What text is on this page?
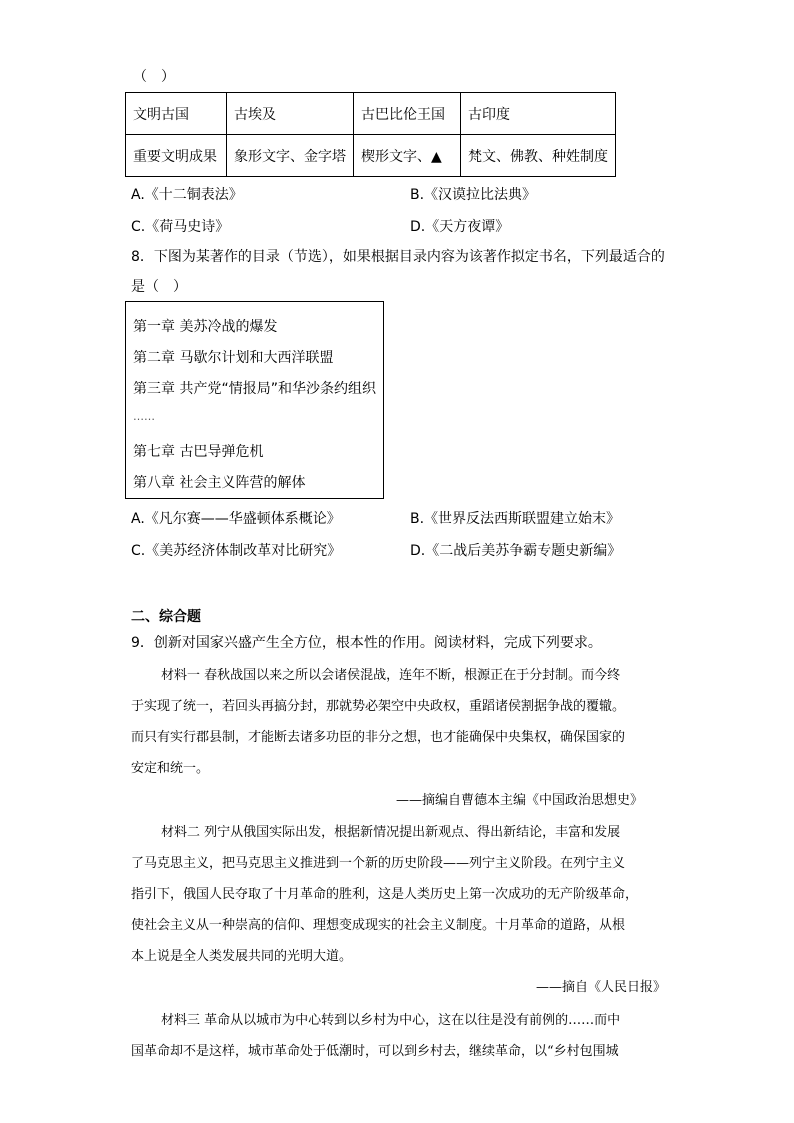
（　）
文明古国	古埃及	古巴比伦王国	古印度
重要文明成果	象形文字、金字塔	楔形文字、▲	梵文、佛教、种姓制度
A.《十二铜表法》	B.《汉谟拉比法典》
C.《荷马史诗》	D.《天方夜谭》
8．下图为某著作的目录（节选），如果根据目录内容为该著作拟定书名，下列最适合的
是（　）
第一章 美苏冷战的爆发
第二章 马歇尔计划和大西洋联盟
第三章 共产党“情报局”和华沙条约组织
……
第七章 古巴导弹危机
第八章 社会主义阵营的解体
A.《凡尔赛——华盛顿体系概论》	B.《世界反法西斯联盟建立始末》
C.《美苏经济体制改革对比研究》	D.《二战后美苏争霸专题史新编》
二、综合题
9．创新对国家兴盛产生全方位，根本性的作用。阅读材料，完成下列要求。
材料一 春秋战国以来之所以会诸侯混战，连年不断，根源正在于分封制。而今终
于实现了统一，若回头再搞分封，那就势必架空中央政权，重蹈诸侯割据争战的覆辙。
而只有实行郡县制，才能断去诸多功臣的非分之想，也才能确保中央集权，确保国家的
安定和统一。
——摘编自曹德本主编《中国政治思想史》
材料二 列宁从俄国实际出发，根据新情况提出新观点、得出新结论，丰富和发展
了马克思主义，把马克思主义推进到一个新的历史阶段——列宁主义阶段。在列宁主义
指引下，俄国人民夺取了十月革命的胜利，这是人类历史上第一次成功的无产阶级革命，
使社会主义从一种崇高的信仰、理想变成现实的社会主义制度。十月革命的道路，从根
本上说是全人类发展共同的光明大道。
——摘自《人民日报》
材料三 革命从以城市为中心转到以乡村为中心，这在以往是没有前例的……而中
国革命却不是这样，城市革命处于低潮时，可以到乡村去，继续革命，以“乡村包围城
